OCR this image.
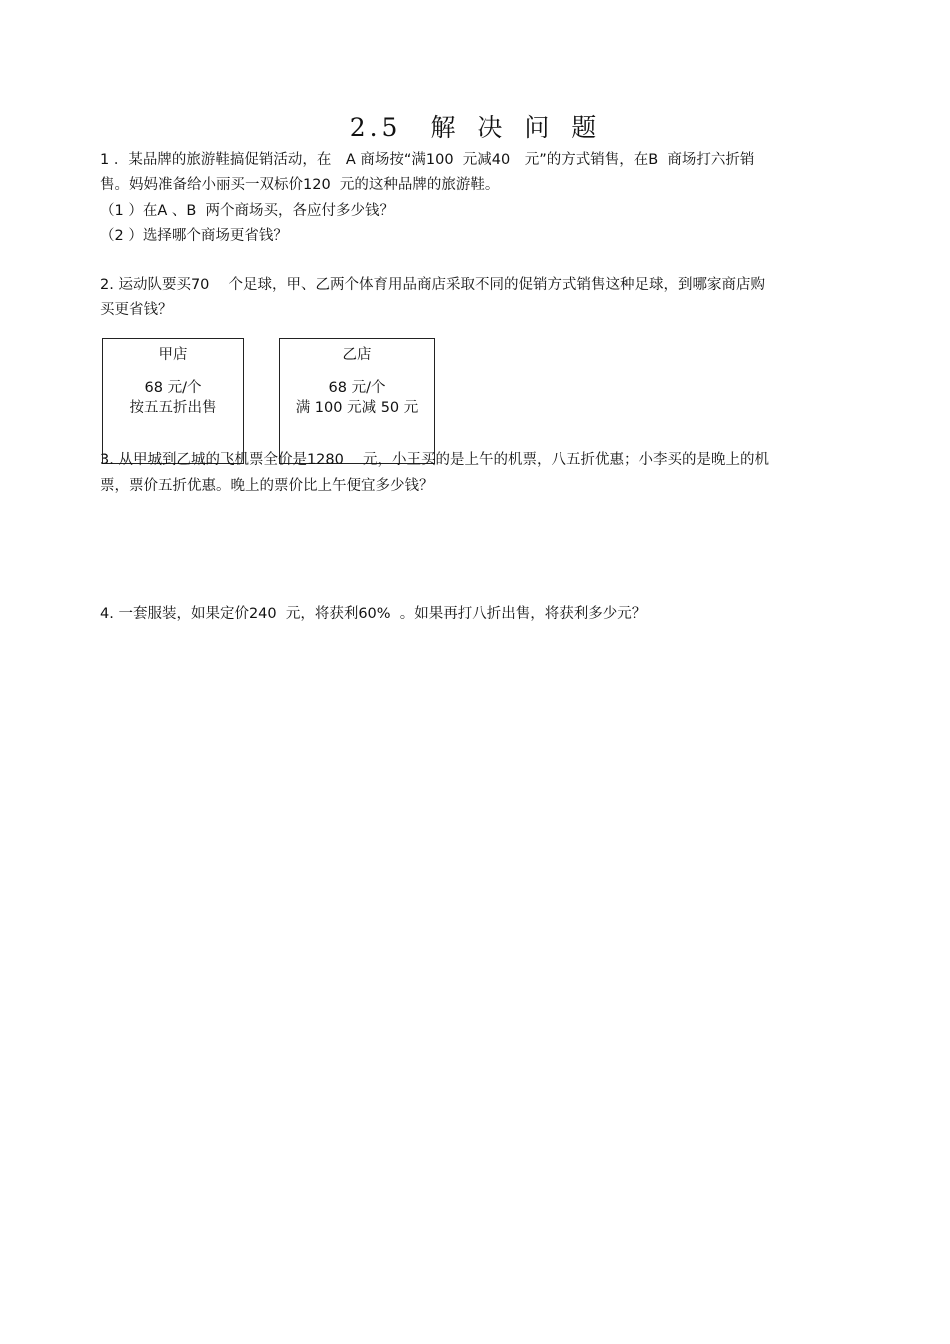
2.5　解 决 问 题
1 ．某品牌的旅游鞋搞促销活动，在　A 商场按“满100  元减40　元”的方式销售，在B  商场打六折销
售。妈妈准备给小丽买一双标价120  元的这种品牌的旅游鞋。
（1 ）在A 、B  两个商场买，各应付多少钱？
（2 ）选择哪个商场更省钱？
2. 运动队要买70　 个足球，甲、乙两个体育用品商店采取不同的促销方式销售这种足球，到哪家商店购
买更省钱？
甲店
68 元/个
按五五折出售
乙店
68 元/个
满 100 元减 50 元
3. 从甲城到乙城的飞机票全价是1280　 元，小王买的是上午的机票，八五折优惠；小李买的是晚上的机
票，票价五折优惠。晚上的票价比上午便宜多少钱？
4. 一套服装，如果定价240  元，将获利60%  。如果再打八折出售，将获利多少元？
